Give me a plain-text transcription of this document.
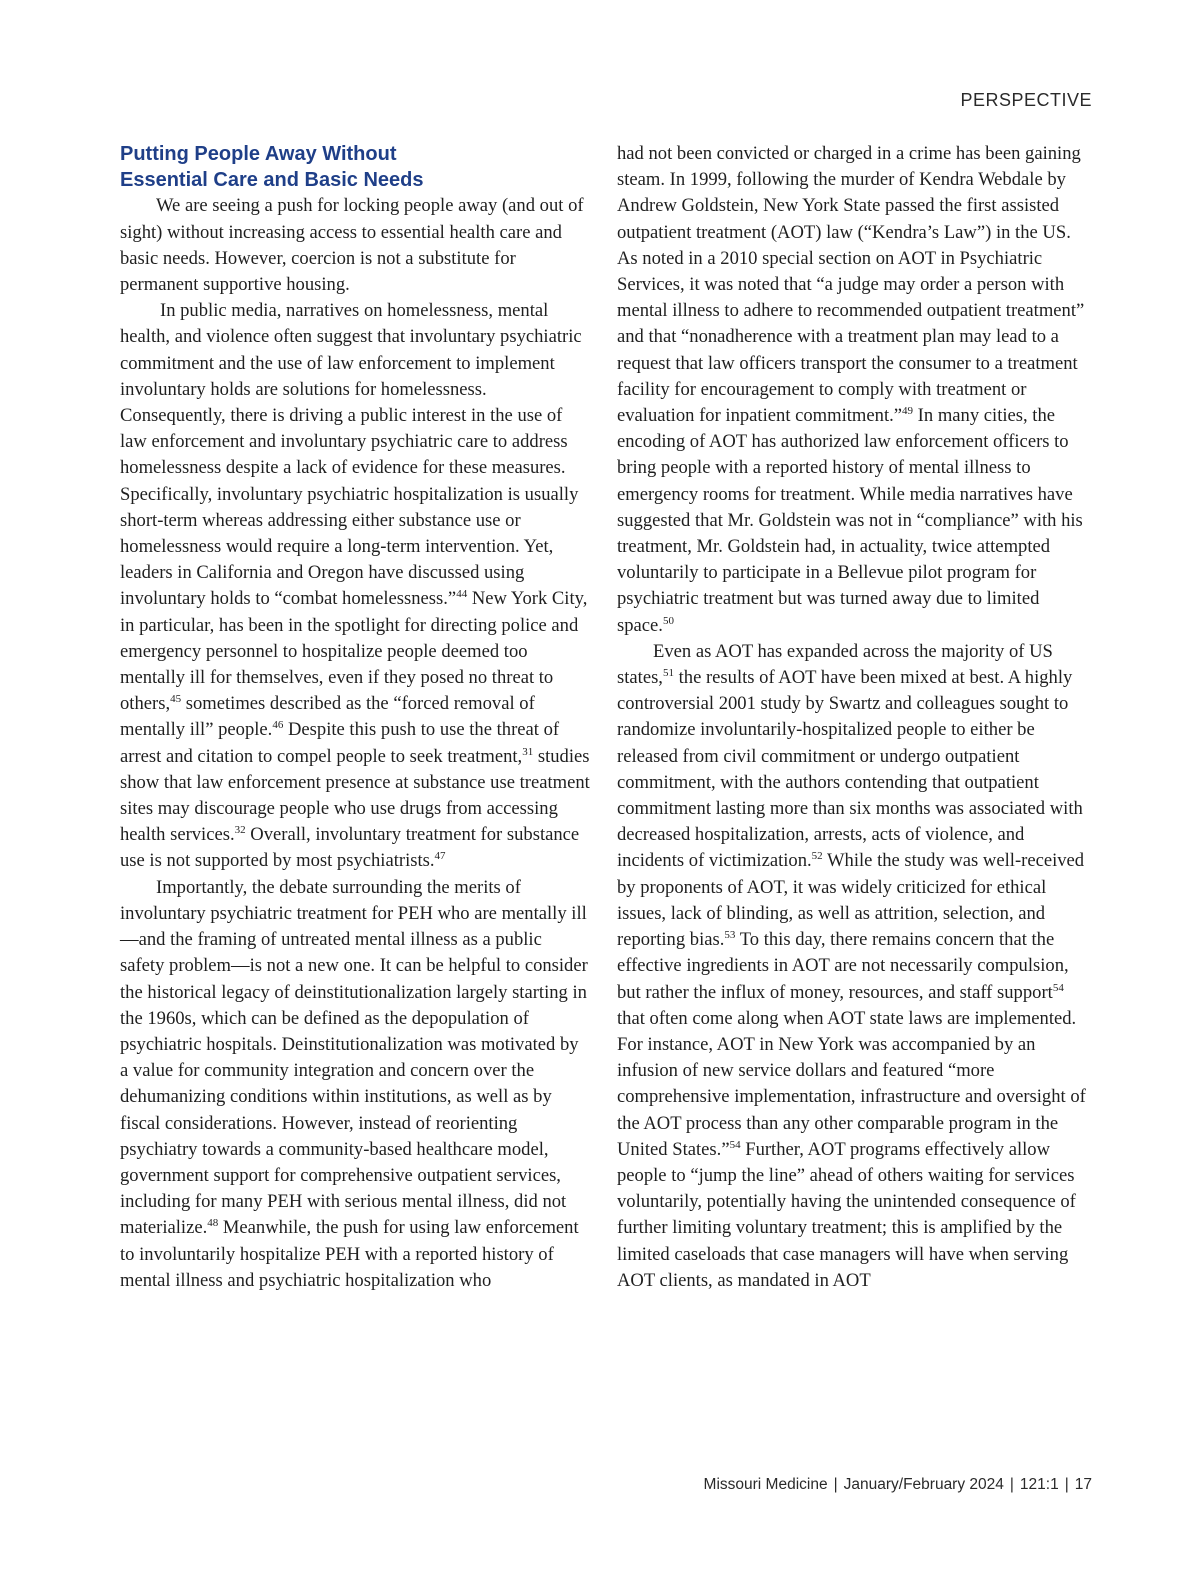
PERSPECTIVE
Putting People Away Without
Essential Care and Basic Needs

We are seeing a push for locking people away (and out of sight) without increasing access to essential health care and basic needs. However, coercion is not a substitute for permanent supportive housing.

In public media, narratives on homelessness, mental health, and violence often suggest that involuntary psychiatric commitment and the use of law enforcement to implement involuntary holds are solutions for homelessness. Consequently, there is driving a public interest in the use of law enforcement and involuntary psychiatric care to address homelessness despite a lack of evidence for these measures. Specifically, involuntary psychiatric hospitalization is usually short-term whereas addressing either substance use or homelessness would require a long-term intervention. Yet, leaders in California and Oregon have discussed using involuntary holds to “combat homelessness.”$^{44}$ New York City, in particular, has been in the spotlight for directing police and emergency personnel to hospitalize people deemed too mentally ill for themselves, even if they posed no threat to others,$^{45}$ sometimes described as the “forced removal of mentally ill” people.$^{46}$ Despite this push to use the threat of arrest and citation to compel people to seek treatment,$^{31}$ studies show that law enforcement presence at substance use treatment sites may discourage people who use drugs from accessing health services.$^{32}$ Overall, involuntary treatment for substance use is not supported by most psychiatrists.$^{47}$

Importantly, the debate surrounding the merits of involuntary psychiatric treatment for PEH who are mentally ill—and the framing of untreated mental illness as a public safety problem—is not a new one. It can be helpful to consider the historical legacy of deinstitutionalization largely starting in the 1960s, which can be defined as the depopulation of psychiatric hospitals. Deinstitutionalization was motivated by a value for community integration and concern over the dehumanizing conditions within institutions, as well as by fiscal considerations. However, instead of reorienting psychiatry towards a community-based healthcare model, government support for comprehensive outpatient services, including for many PEH with serious mental illness, did not materialize.$^{48}$ Meanwhile, the push for using law enforcement to involuntarily hospitalize PEH with a reported history of mental illness and psychiatric hospitalization who

had not been convicted or charged in a crime has been gaining steam. In 1999, following the murder of Kendra Webdale by Andrew Goldstein, New York State passed the first assisted outpatient treatment (AOT) law (“Kendra’s Law”) in the US. As noted in a 2010 special section on AOT in Psychiatric Services, it was noted that “a judge may order a person with mental illness to adhere to recommended outpatient treatment” and that “nonadherence with a treatment plan may lead to a request that law officers transport the consumer to a treatment facility for encouragement to comply with treatment or evaluation for inpatient commitment.”$^{49}$ In many cities, the encoding of AOT has authorized law enforcement officers to bring people with a reported history of mental illness to emergency rooms for treatment. While media narratives have suggested that Mr. Goldstein was not in “compliance” with his treatment, Mr. Goldstein had, in actuality, twice attempted voluntarily to participate in a Bellevue pilot program for psychiatric treatment but was turned away due to limited space.$^{50}$

Even as AOT has expanded across the majority of US states,$^{51}$ the results of AOT have been mixed at best. A highly controversial 2001 study by Swartz and colleagues sought to randomize involuntarily-hospitalized people to either be released from civil commitment or undergo outpatient commitment, with the authors contending that outpatient commitment lasting more than six months was associated with decreased hospitalization, arrests, acts of violence, and incidents of victimization.$^{52}$ While the study was well-received by proponents of AOT, it was widely criticized for ethical issues, lack of blinding, as well as attrition, selection, and reporting bias.$^{53}$ To this day, there remains concern that the effective ingredients in AOT are not necessarily compulsion, but rather the influx of money, resources, and staff support$^{54}$ that often come along when AOT state laws are implemented. For instance, AOT in New York was accompanied by an infusion of new service dollars and featured “more comprehensive implementation, infrastructure and oversight of the AOT process than any other comparable program in the United States.”$^{54}$ Further, AOT programs effectively allow people to “jump the line” ahead of others waiting for services voluntarily, potentially having the unintended consequence of further limiting voluntary treatment; this is amplified by the limited caseloads that case managers will have when serving AOT clients, as mandated in AOT

Missouri Medicine | January/February 2024 | 121:1 | 17
